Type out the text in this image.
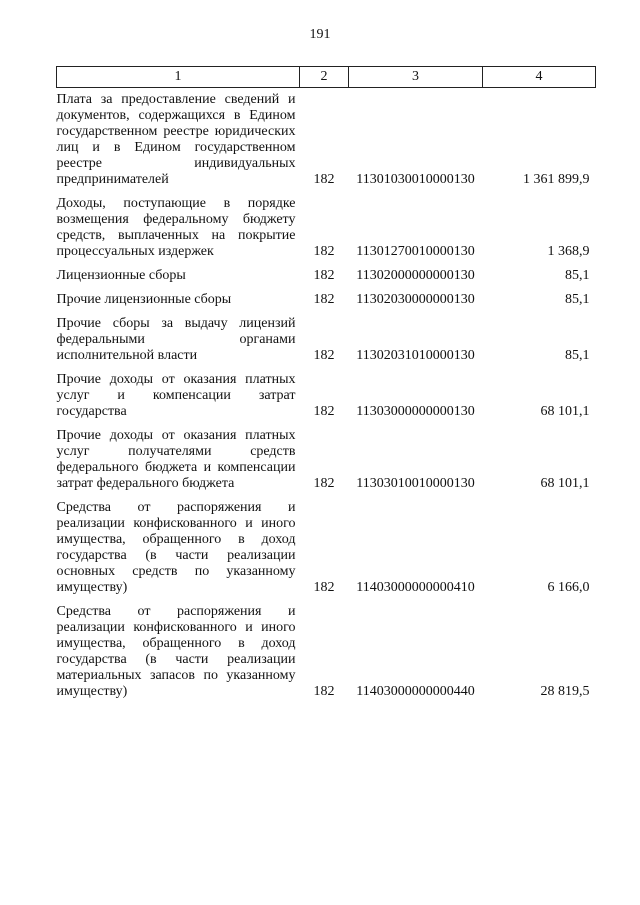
191
1	2	3	4
Плата за предоставление сведений и документов, содержащихся в Едином государственном реестре юридических лиц и в Едином государственном реестре индивидуальных предпринимателей	182	11301030010000130	1 361 899,9

Доходы, поступающие в порядке возмещения федеральному бюджету средств, выплаченных на покрытие процессуальных издержек	182	11301270010000130	1 368,9

Лицензионные сборы	182	11302000000000130	85,1

Прочие лицензионные сборы	182	11302030000000130	85,1

Прочие сборы за выдачу лицензий федеральными органами исполнительной власти	182	11302031010000130	85,1

Прочие доходы от оказания платных услуг и компенсации затрат государства	182	11303000000000130	68 101,1

Прочие доходы от оказания платных услуг получателями средств федерального бюджета и компенсации затрат федерального бюджета	182	11303010010000130	68 101,1

Средства от распоряжения и реализации конфискованного и иного имущества, обращенного в доход государства (в части реализации основных средств по указанному имуществу)	182	11403000000000410	6 166,0

Средства от распоряжения и реализации конфискованного и иного имущества, обращенного в доход государства (в части реализации материальных запасов по указанному имуществу)	182	11403000000000440	28 819,5
